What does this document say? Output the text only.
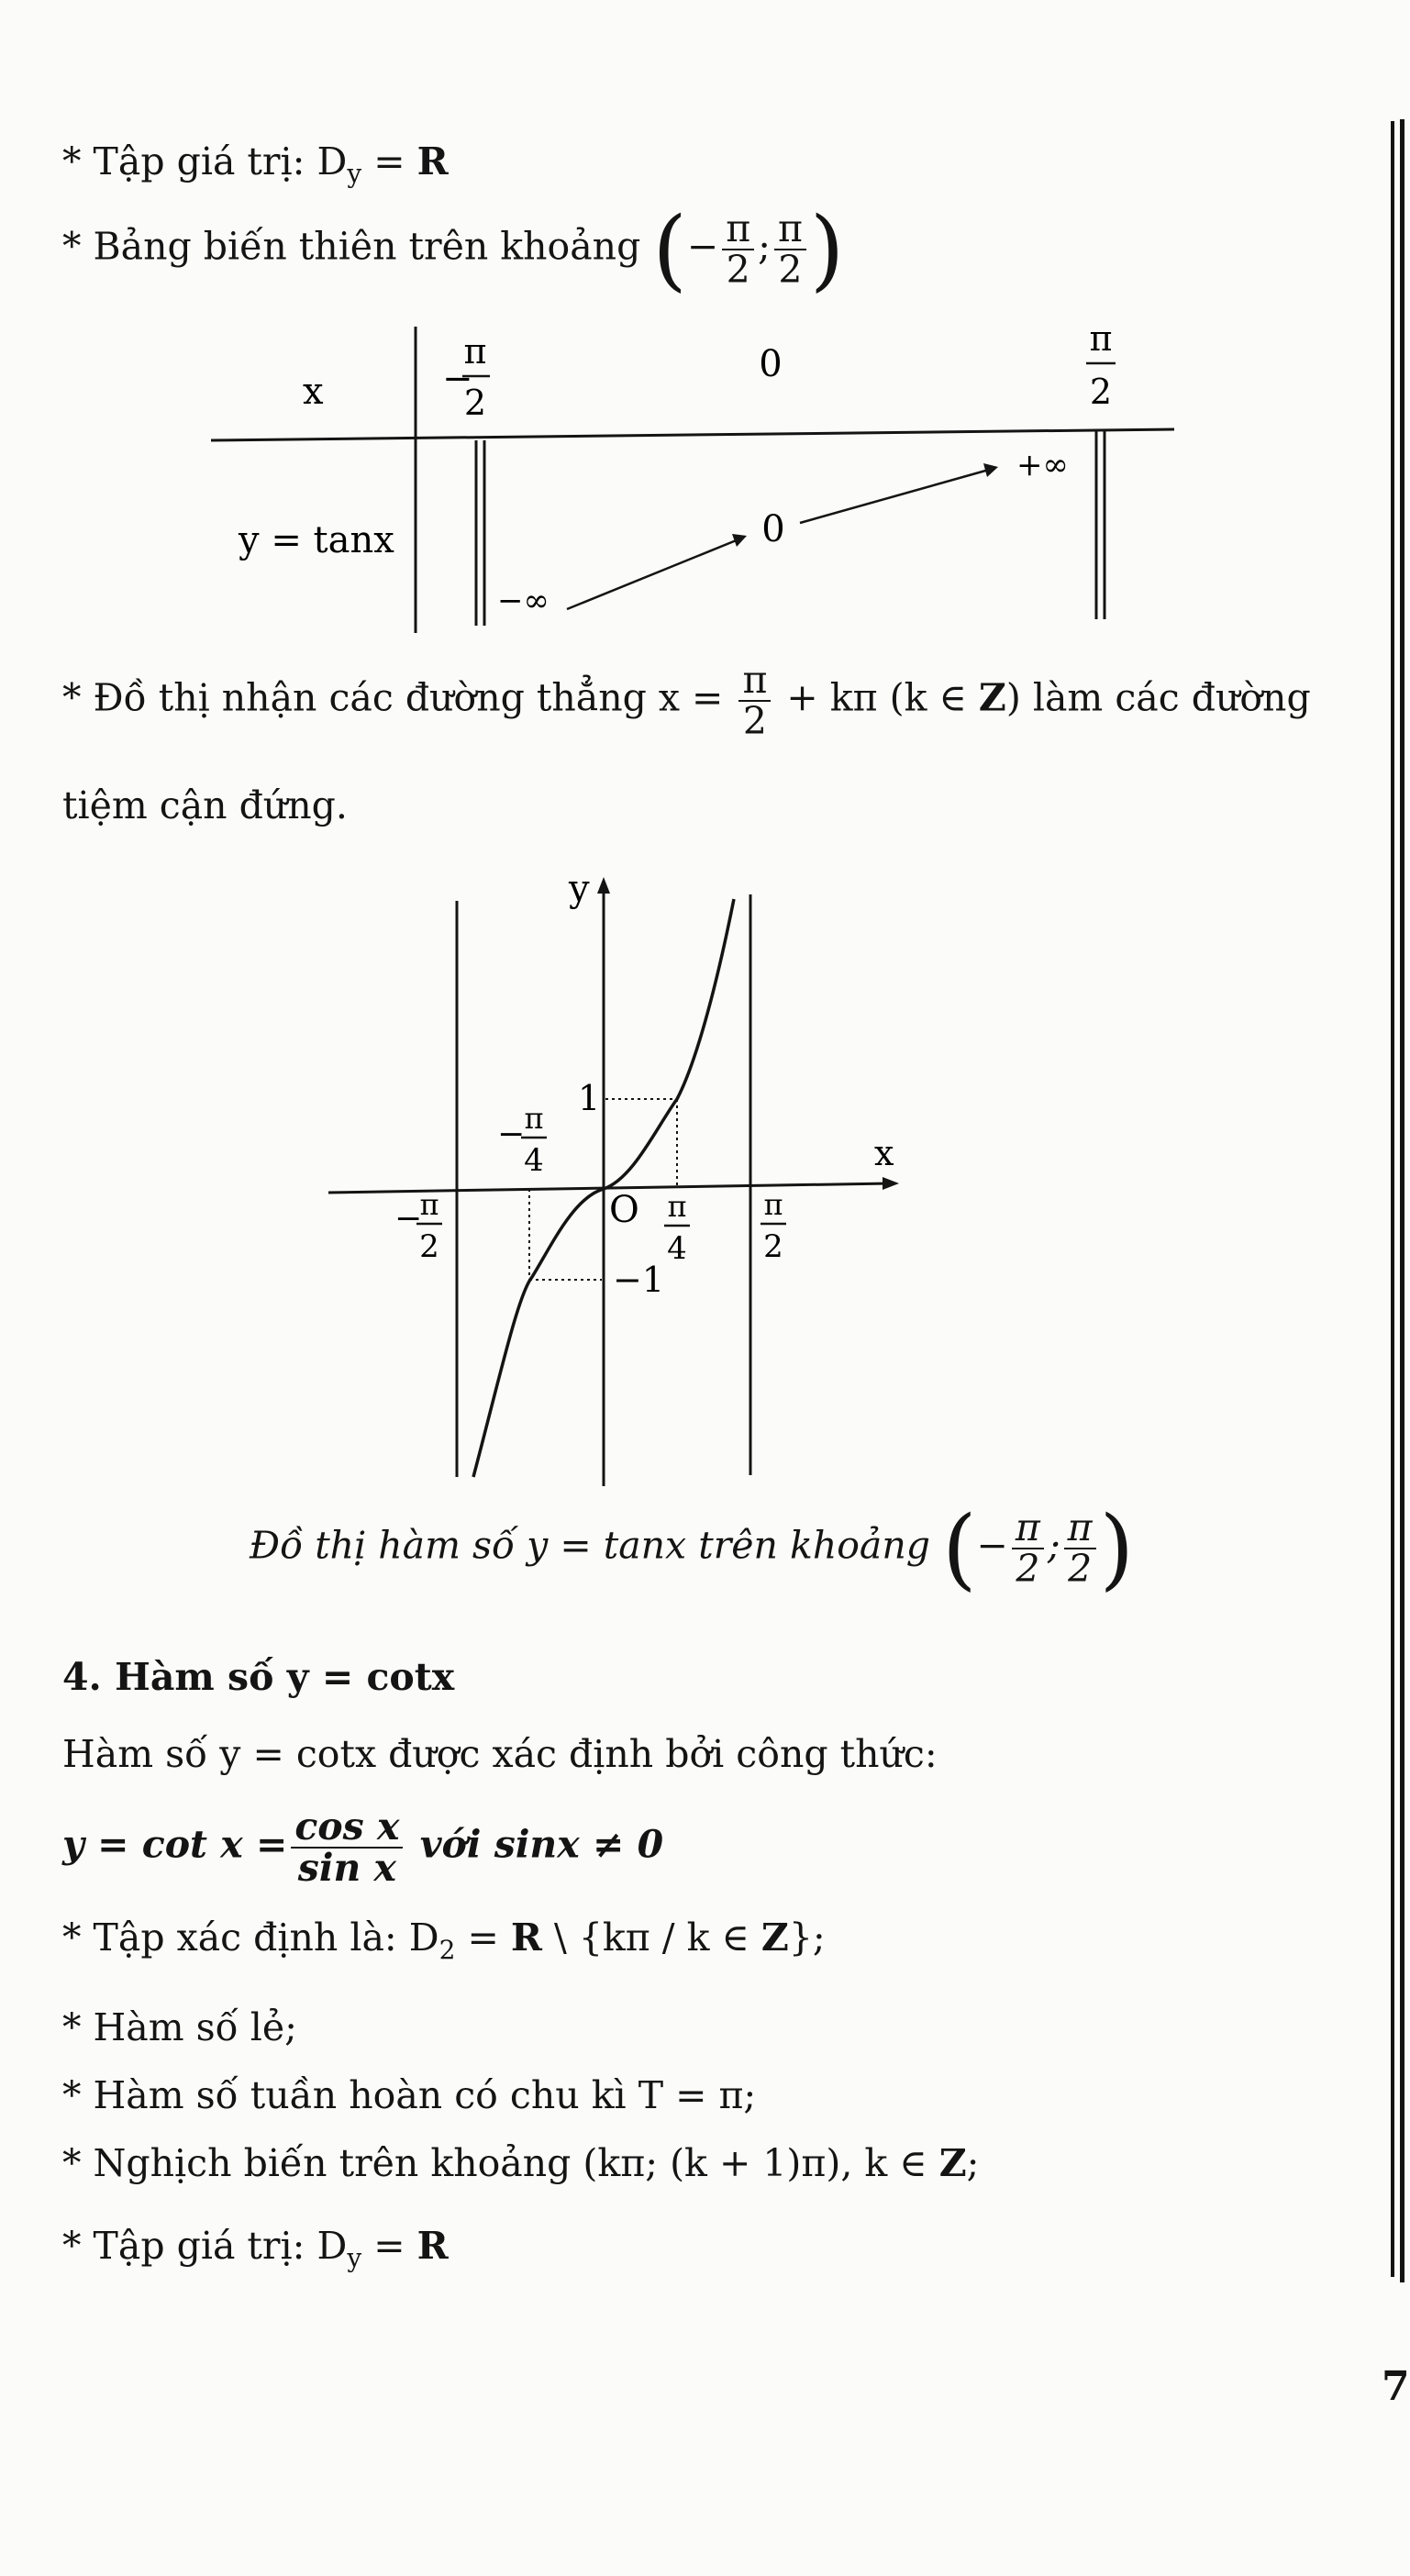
* Tập giá trị: $D_y = R$
* Bảng biến thiên trên khoảng (− $\frac{\pi}{2}$ ; $\frac{\pi}{2}$ )
x
y = tanx
−
π
2
0
π
2
−∞
0
+∞
* Đồ thị nhận các đường thẳng $x = \frac{\pi}{2} + k\pi$ (k ∈ Z) làm các đường
tiệm cận đứng.
y
x
O
1
−1
− π
4
π
4
−
π
2
π
2
Đồ thị hàm số y = tanx trên khoảng (− $\frac{\pi}{2}$ ; $\frac{\pi}{2}$ )
4. Hàm số y = cotx
Hàm số y = cotx được xác định bởi công thức:
$y = \cot x = \frac{\text{cos x}}{\text{sin x}}$ với sinx ≠ 0
* Tập xác định là: $D_2 = R$ \ {kπ / k ∈ Z};
* Hàm số lẻ;
* Hàm số tuần hoàn có chu kì T = π;
* Nghịch biến trên khoảng (kπ; (k + 1)π), k ∈ Z;
* Tập giá trị: $D_y = R$
7
